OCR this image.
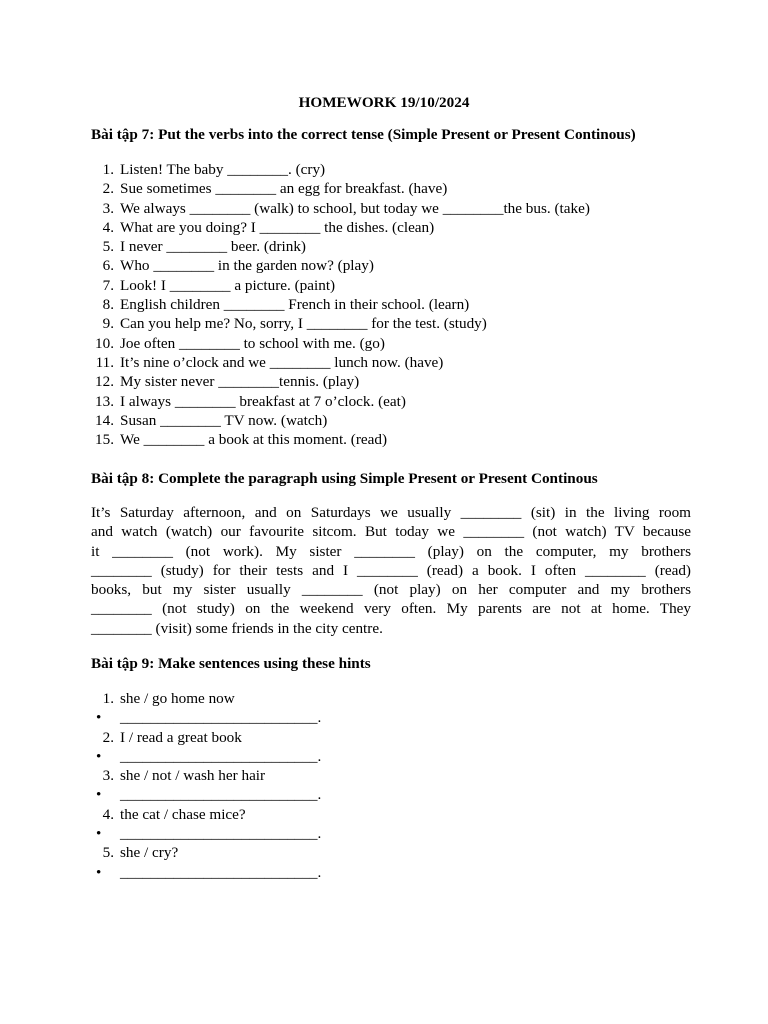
HOMEWORK 19/10/2024
Bài tập 7: Put the verbs into the correct tense (Simple Present or Present Continous)
1. Listen! The baby ________. (cry)
2. Sue sometimes ________ an egg for breakfast. (have)
3. We always ________ (walk) to school, but today we ________the bus. (take)
4. What are you doing? I ________ the dishes. (clean)
5. I never ________ beer. (drink)
6. Who ________ in the garden now? (play)
7. Look! I ________ a picture. (paint)
8. English children ________ French in their school. (learn)
9. Can you help me? No, sorry, I ________ for the test. (study)
10. Joe often ________ to school with me. (go)
11. It’s nine o’clock and we ________ lunch now. (have)
12. My sister never ________tennis. (play)
13. I always ________ breakfast at 7 o’clock. (eat)
14. Susan ________ TV now. (watch)
15. We ________ a book at this moment. (read)
Bài tập 8: Complete the paragraph using Simple Present or Present Continous
It’s Saturday afternoon, and on Saturdays we usually ________ (sit) in the living room
and watch (watch) our favourite sitcom. But today we ________ (not watch) TV because
it ________ (not work). My sister ________ (play) on the computer, my brothers
________ (study) for their tests and I ________ (read) a book. I often ________ (read)
books, but my sister usually ________ (not play) on her computer and my brothers
________ (not study) on the weekend very often. My parents are not at home. They
________ (visit) some friends in the city centre.
Bài tập 9: Make sentences using these hints
1. she / go home now
•	__________________________.
2. I / read a great book
•	__________________________.
3. she / not / wash her hair
•	__________________________.
4. the cat / chase mice?
•	__________________________.
5. she / cry?
•	__________________________.
